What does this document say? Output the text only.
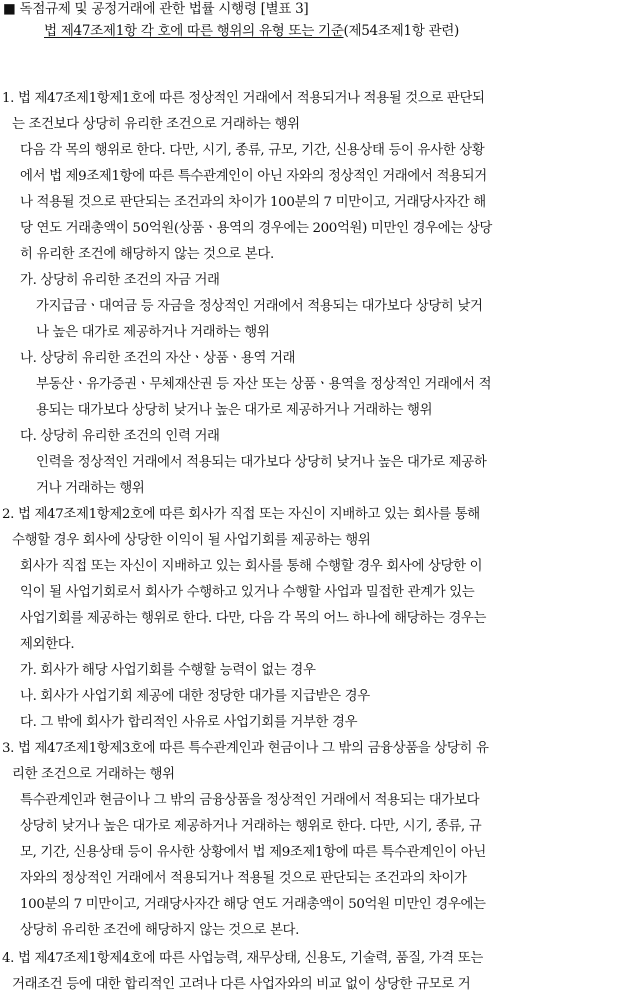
■ 독점규제 및 공정거래에 관한 법률 시행령 [별표 3]
법 제47조제1항 각 호에 따른 행위의 유형 또는 기준(제54조제1항 관련)
1. 법 제47조제1항제1호에 따른 정상적인 거래에서 적용되거나 적용될 것으로 판단되
는 조건보다 상당히 유리한 조건으로 거래하는 행위
다음 각 목의 행위로 한다. 다만, 시기, 종류, 규모, 기간, 신용상태 등이 유사한 상황
에서 법 제9조제1항에 따른 특수관계인이 아닌 자와의 정상적인 거래에서 적용되거
나 적용될 것으로 판단되는 조건과의 차이가 100분의 7 미만이고, 거래당사자간 해
당 연도 거래총액이 50억원(상품ㆍ용역의 경우에는 200억원) 미만인 경우에는 상당
히 유리한 조건에 해당하지 않는 것으로 본다.
가. 상당히 유리한 조건의 자금 거래
가지급금ㆍ대여금 등 자금을 정상적인 거래에서 적용되는 대가보다 상당히 낮거
나 높은 대가로 제공하거나 거래하는 행위
나. 상당히 유리한 조건의 자산ㆍ상품ㆍ용역 거래
부동산ㆍ유가증권ㆍ무체재산권 등 자산 또는 상품ㆍ용역을 정상적인 거래에서 적
용되는 대가보다 상당히 낮거나 높은 대가로 제공하거나 거래하는 행위
다. 상당히 유리한 조건의 인력 거래
인력을 정상적인 거래에서 적용되는 대가보다 상당히 낮거나 높은 대가로 제공하
거나 거래하는 행위
2. 법 제47조제1항제2호에 따른 회사가 직접 또는 자신이 지배하고 있는 회사를 통해
수행할 경우 회사에 상당한 이익이 될 사업기회를 제공하는 행위
회사가 직접 또는 자신이 지배하고 있는 회사를 통해 수행할 경우 회사에 상당한 이
익이 될 사업기회로서 회사가 수행하고 있거나 수행할 사업과 밀접한 관계가 있는
사업기회를 제공하는 행위로 한다. 다만, 다음 각 목의 어느 하나에 해당하는 경우는
제외한다.
가. 회사가 해당 사업기회를 수행할 능력이 없는 경우
나. 회사가 사업기회 제공에 대한 정당한 대가를 지급받은 경우
다. 그 밖에 회사가 합리적인 사유로 사업기회를 거부한 경우
3. 법 제47조제1항제3호에 따른 특수관계인과 현금이나 그 밖의 금융상품을 상당히 유
리한 조건으로 거래하는 행위
특수관계인과 현금이나 그 밖의 금융상품을 정상적인 거래에서 적용되는 대가보다
상당히 낮거나 높은 대가로 제공하거나 거래하는 행위로 한다. 다만, 시기, 종류, 규
모, 기간, 신용상태 등이 유사한 상황에서 법 제9조제1항에 따른 특수관계인이 아닌
자와의 정상적인 거래에서 적용되거나 적용될 것으로 판단되는 조건과의 차이가
100분의 7 미만이고, 거래당사자간 해당 연도 거래총액이 50억원 미만인 경우에는
상당히 유리한 조건에 해당하지 않는 것으로 본다.
4. 법 제47조제1항제4호에 따른 사업능력, 재무상태, 신용도, 기술력, 품질, 가격 또는
거래조건 등에 대한 합리적인 고려나 다른 사업자와의 비교 없이 상당한 규모로 거
